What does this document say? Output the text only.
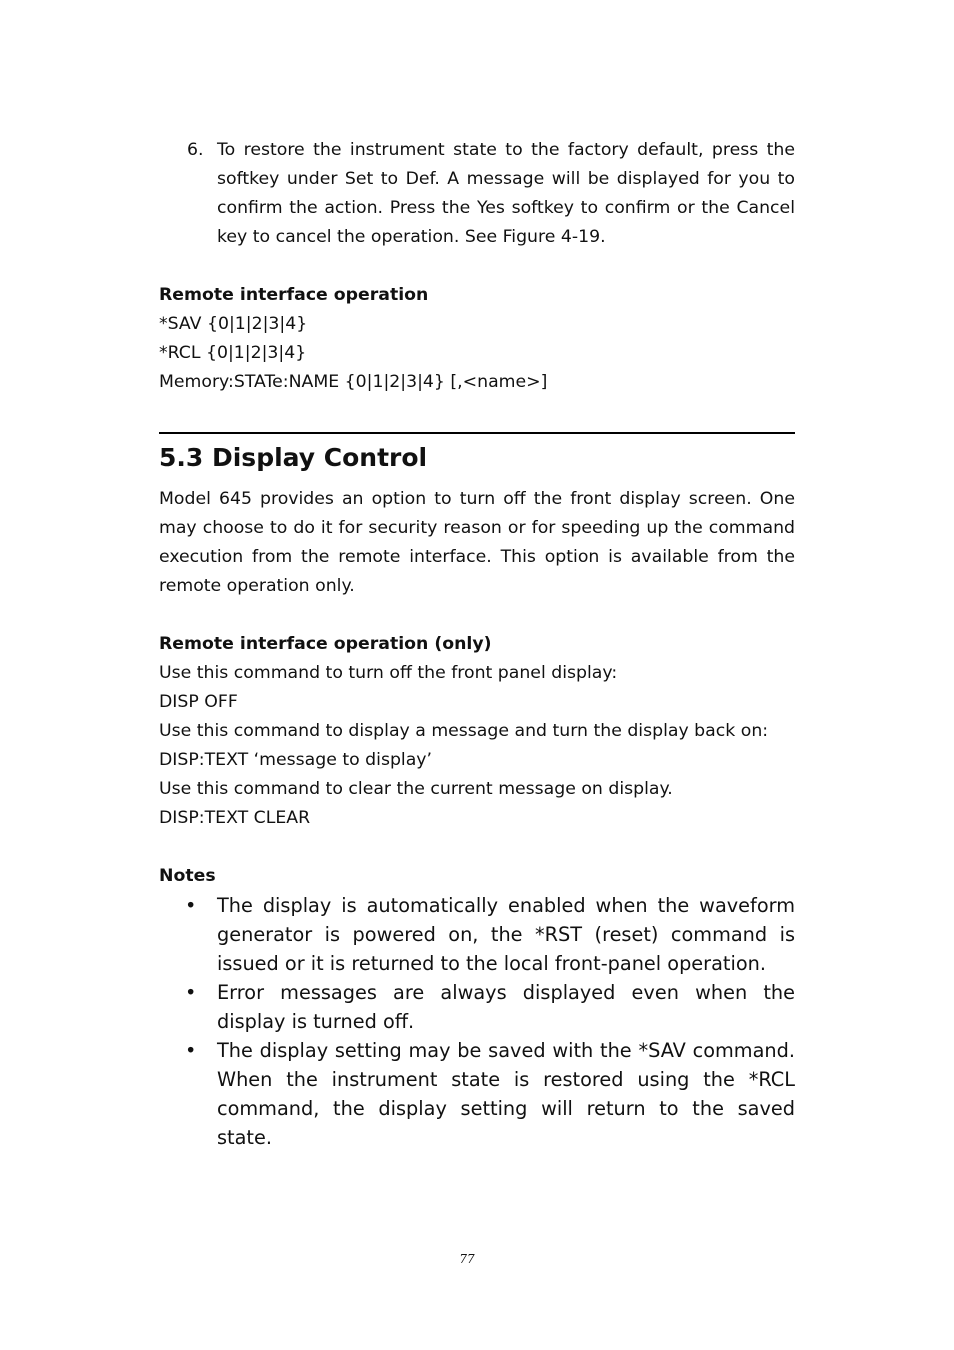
6. To restore the instrument state to the factory default, press the softkey under Set to Def. A message will be displayed for you to confirm the action. Press the Yes softkey to confirm or the Cancel key to cancel the operation. See Figure 4-19.

Remote interface operation

*SAV {0|1|2|3|4}

*RCL {0|1|2|3|4}

Memory:STATe:NAME {0|1|2|3|4} [,<name>]

5.3 Display Control

Model 645 provides an option to turn off the front display screen. One may choose to do it for security reason or for speeding up the command execution from the remote interface. This option is available from the remote operation only.

Remote interface operation (only)

Use this command to turn off the front panel display:

DISP OFF

Use this command to display a message and turn the display back on:

DISP:TEXT ‘message to display’

Use this command to clear the current message on display.

DISP:TEXT CLEAR

Notes

• The display is automatically enabled when the waveform generator is powered on, the *RST (reset) command is issued or it is returned to the local front-panel operation.
• Error messages are always displayed even when the display is turned off.
• The display setting may be saved with the *SAV command. When the instrument state is restored using the *RCL command, the display setting will return to the saved state.
77
